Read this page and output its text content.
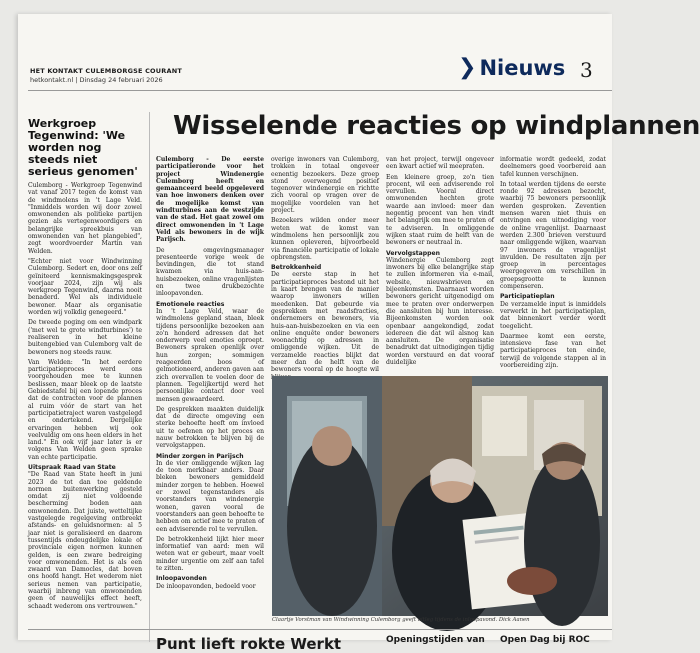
HET KONTAKT CULEMBORGSE COURANT
hetkontakt.nl | Dinsdag 24 februari 2026	❯ Nieuws 3
Werkgroep Tegenwind: 'We worden nog steeds niet serieus genomen'
Culemborg - Werkgroep Tegenwind vat vanaf 2017 tegen de komst van de windmolens in 't Lage Veld. "Inmiddels worden wij door zowel omwonenden als politieke partijen gezien als vertegenwoordigers en belangrijke spreekbuis van omwonenden van het plangebied", zegt woordvoerder Martin van Welden.
"Echter niet voor Windwinning Culemborg. Sedert en, door ons zelf geïniteerd kennismakingsgesprek voorjaar 2024, zijn wij als werkgroep Tegenwind, daarna nooit benaderd. Wel als individuele bewoner. Maar als organisatie worden wij volkdig genegeerd."
De tweede poging om een windpark ('met wel te grote windturbines') te realiseren in het kleine buitengebied van Culemborg valt de bewoners nog steeds rauw.
Van Welden: "In het eerdere participatieproces werd ons voorgehouden mee te kunnen beslissen, maar bleek op de laatste Gebiedstafel bij een lopende proces dat de contracten voor de plannen al ruim vóór de start van het participatietraject waren vastgelegd en ondertekend. Dergelijke ervaringen hebben wij ook veelvuldig om ons heen elders in het land." En ook vijf jaar later is er volgens Van Welden geen sprake van echte participatie.
Uitspraak Raad van State
"De Raad van State heeft in juni 2023 de tot dan toe geldende normen buitenwerking gesteld omdat zij niet voldoende bescherming boden aan omwonenden. Dat juiste, wetteltijke vastgelegde regelgeving ontbreekt afstands- en geluidsnormen: al 5 jaar niet is geralisieerd en daarom tussentijds ondeugdelijke lokale of provinciale eigen normen kunnen gelden, is een zware bedreiging voor omwonenden. Het is als een zwaard van Damocles, dat boven ons hoofd hangt. Het wederom niet serieus nemen van participatie, waarbij inbreng van omwonenden geen of nauwelijks effect heeft, schaadt wederom ons vertrouwen."
Wisselende reacties op windplannen
Culemborg - De eerste participatieronde voor het project Windenergie Culemborg heeft en gemaanceerd beeld opgeleverd van hoe inwoners denken over de mogelijke komst van windturbines aan de westzijde van de stad. Het gaat zowel om direct omwonenden in 't Lage Veld als bewoners in de wijk Parijsch.
De omgevingsmanager presenteerde vorige week de bevindingen, die tot stand kwamen via huis-aan-huisbezoeken, online vragenlijsten en twee drukbezochte inloopavonden.
Emotionele reacties
In 't Lage Veld, waar de windmolens gepland staan, bleek tijdens persoonlijke bezoeken aan zo'n honderd adressen dat het onderwerp veel emoties oproept. Bewoners spraken openlijk over hun zorgen; sommigen reageerden boos of gelmotioneerd, anderen gaven aan zich overvallen te voelen door de plannen. Tegelijkertijd werd het persoonlijke contact door veel mensen gewaardeerd.
De gesprekken maakten duidelijk dat de directe omgeving een sterke behoefte heeft om invloed uit te oefenen op het proces en nauw betrokken te blijven bij de vervolgstappen.
Minder zorgen in Parijsch
In de vier omliggende wijken lag de toon merkbaar anders. Daar bleken bewoners gemiddeld minder zorgen te hebben. Hoewel er zowel tegenstanders als voorstanders van windenergie wonen, gaven vooral de voorstanders aan geen behoefte te hebben om actief mee te praten of een adviserende rol te vervullen.
De betrokkenheid lijkt hier meer informatief van aard: men wil weten wat er gebeurt, maar voelt minder urgentie om zelf aan tafel te zitten.
Inloopavonden
De inloopavonden, bedoeld voor
overige inwoners van Culemborg, trokken in totaal ongeveer eenentig bezoekers. Deze groep stond overwegend positief tegenover windenergie en richtte zich vooral op vragen over de mogelijke voordelen van het project.
Bezoekers wilden onder meer weten wat de komst van windmolens hen persoonlijk zou kunnen opleveren, bijvoorbeeld via financiële participatie of lokale opbrengsten.
Betrokkenheid
De eerste stap in het participatieproces bestond uit het in kaart brengen van de manier waarop inwoners willen meedenken. Dat gebeurde via gesprekken met raadsfracties, ondernemers en bewoners, via huis-aan-huisbezoeken en via een online enquête onder bewoners woonachtig op adressen in omliggende wijken. Uit de verzamelde reacties blijkt dat meer dan de helft van de bewoners vooral op de hoogte wil
van het project, terwijl ongeveer een kwart actief wil meepraten.
Een kleinere groep, zo'n tien procent, wil een adviserende rol vervullen. Vooral direct omwonenden hechten grote waarde aan invloed: meer dan negentig procent van hen vindt het belangrijk om mee te praten of te adviseren. In omliggende wijken staat ruim de helft van de bewoners er neutraal in.
Vervolgstappen
Windenergie Culemborg zegt inwoners bij elke belangrijke stap te zullen informeren via e-mail, website, nieuwsbrieven en bijeenkomsten. Daarnaast worden bewoners gericht uitgenodigd om mee te praten over onderwerpen die aansluiten bij hun interesse. Bijeenkomsten worden ook openbaar aangekondigd, zodat iedereen die dat wil alsnog kan aansluiten. De organisatie benadrukt dat uitnodigingen tijdig worden verstuurd en dat vooraf duidelijke
informatie wordt gedeeld, zodat deelnemers goed voorbereid aan tafel kunnen verschijnen.
In totaal werden tijdens de eerste ronde 92 adressen bezocht, waarbij 75 bewoners persoonlijk werden gesproken. Zeventien mensen waren niet thuis en ontvingen een uitnodiging voor de online vragenlijst. Daarnaast werden 2.300 brieven verstuurd naar omliggende wijken, waarvan 97 inwoners de vragenlijst invulden. De resultaten zijn per groep in percentages weergegeven om verschillen in groepsgrootte te kunnen compenseren.
Participatieplan
De verzamelde input is inmiddels verwerkt in het participatieplan, dat binnenkort verder wordt toegelicht.
Daarmee komt een eerste, intensieve fase van het participatieproces ten einde, terwijl de volgende stappen al in voorbereiding zijn.
Claartje Vorstman van Windwinning Culemborg geeft uitleg tijdens de inloopavond. Dick Aanen
Punt lieft rokte Werkt	Openingstijden van Open Dag bij ROC
